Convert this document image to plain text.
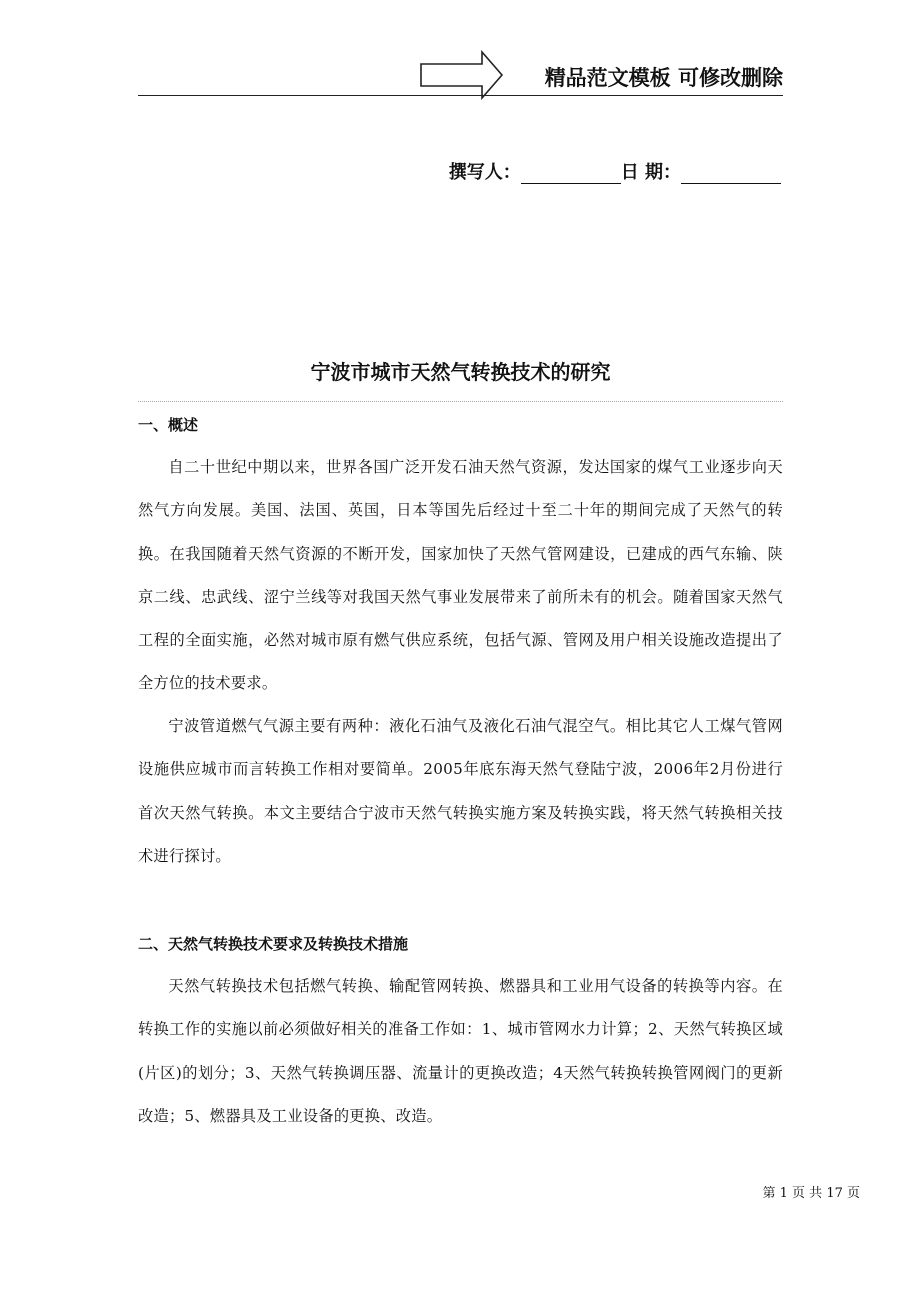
精品范文模板 可修改删除
撰写人：	日 期：
宁波市城市天然气转换技术的研究
一、概述
自二十世纪中期以来，世界各国广泛开发石油天然气资源，发达国家的煤气工业逐步向天然气方向发展。美国、法国、英国，日本等国先后经过十至二十年的期间完成了天然气的转换。在我国随着天然气资源的不断开发，国家加快了天然气管网建设，已建成的西气东输、陕京二线、忠武线、涩宁兰线等对我国天然气事业发展带来了前所未有的机会。随着国家天然气工程的全面实施，必然对城市原有燃气供应系统，包括气源、管网及用户相关设施改造提出了全方位的技术要求。
宁波管道燃气气源主要有两种：液化石油气及液化石油气混空气。相比其它人工煤气管网设施供应城市而言转换工作相对要简单。2005年底东海天然气登陆宁波，2006年2月份进行首次天然气转换。本文主要结合宁波市天然气转换实施方案及转换实践，将天然气转换相关技术进行探讨。
二、天然气转换技术要求及转换技术措施
天然气转换技术包括燃气转换、输配管网转换、燃器具和工业用气设备的转换等内容。在转换工作的实施以前必须做好相关的准备工作如：1、城市管网水力计算；2、天然气转换区域(片区)的划分；3、天然气转换调压器、流量计的更换改造；4天然气转换转换管网阀门的更新改造；5、燃器具及工业设备的更换、改造。
第 1 页 共 17 页
